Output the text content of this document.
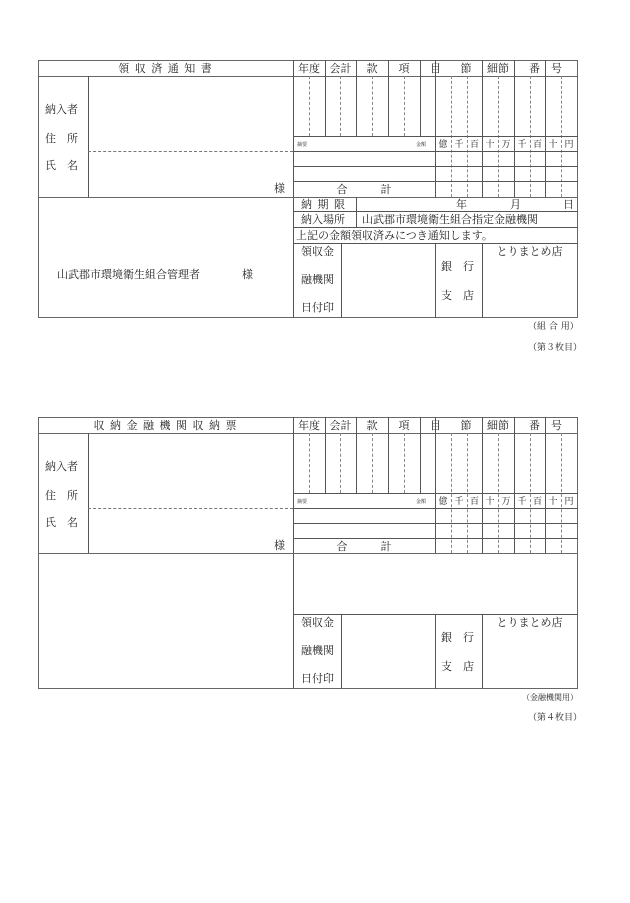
領 収 済 通 知 書
納入者
住　所
氏　名
様
年度 会計	款	項	目	節	細節	番　号
摘要	金額	億 千 百 十 万 千 百 十 円
合　　　計
納 期 限	年	月	日
納入場所 山武郡市環境衛生組合指定金融機関
上記の金額領収済みにつき通知します。
領収金
融機関
日付印
銀　行
支　店
とりまとめ店
山武郡市環境衛生組合管理者	様
（組 合 用）
（第３枚目）
収 納 金 融 機 関 収 納 票
納入者
住　所
氏　名
様
年度 会計	款	項	目	節	細節	番　号
摘要	金額	億 千 百 十 万 千 百 十 円
合　　　計
領収金
融機関
日付印
銀　行
支　店
とりまとめ店
（金融機関用）
（第４枚目）
